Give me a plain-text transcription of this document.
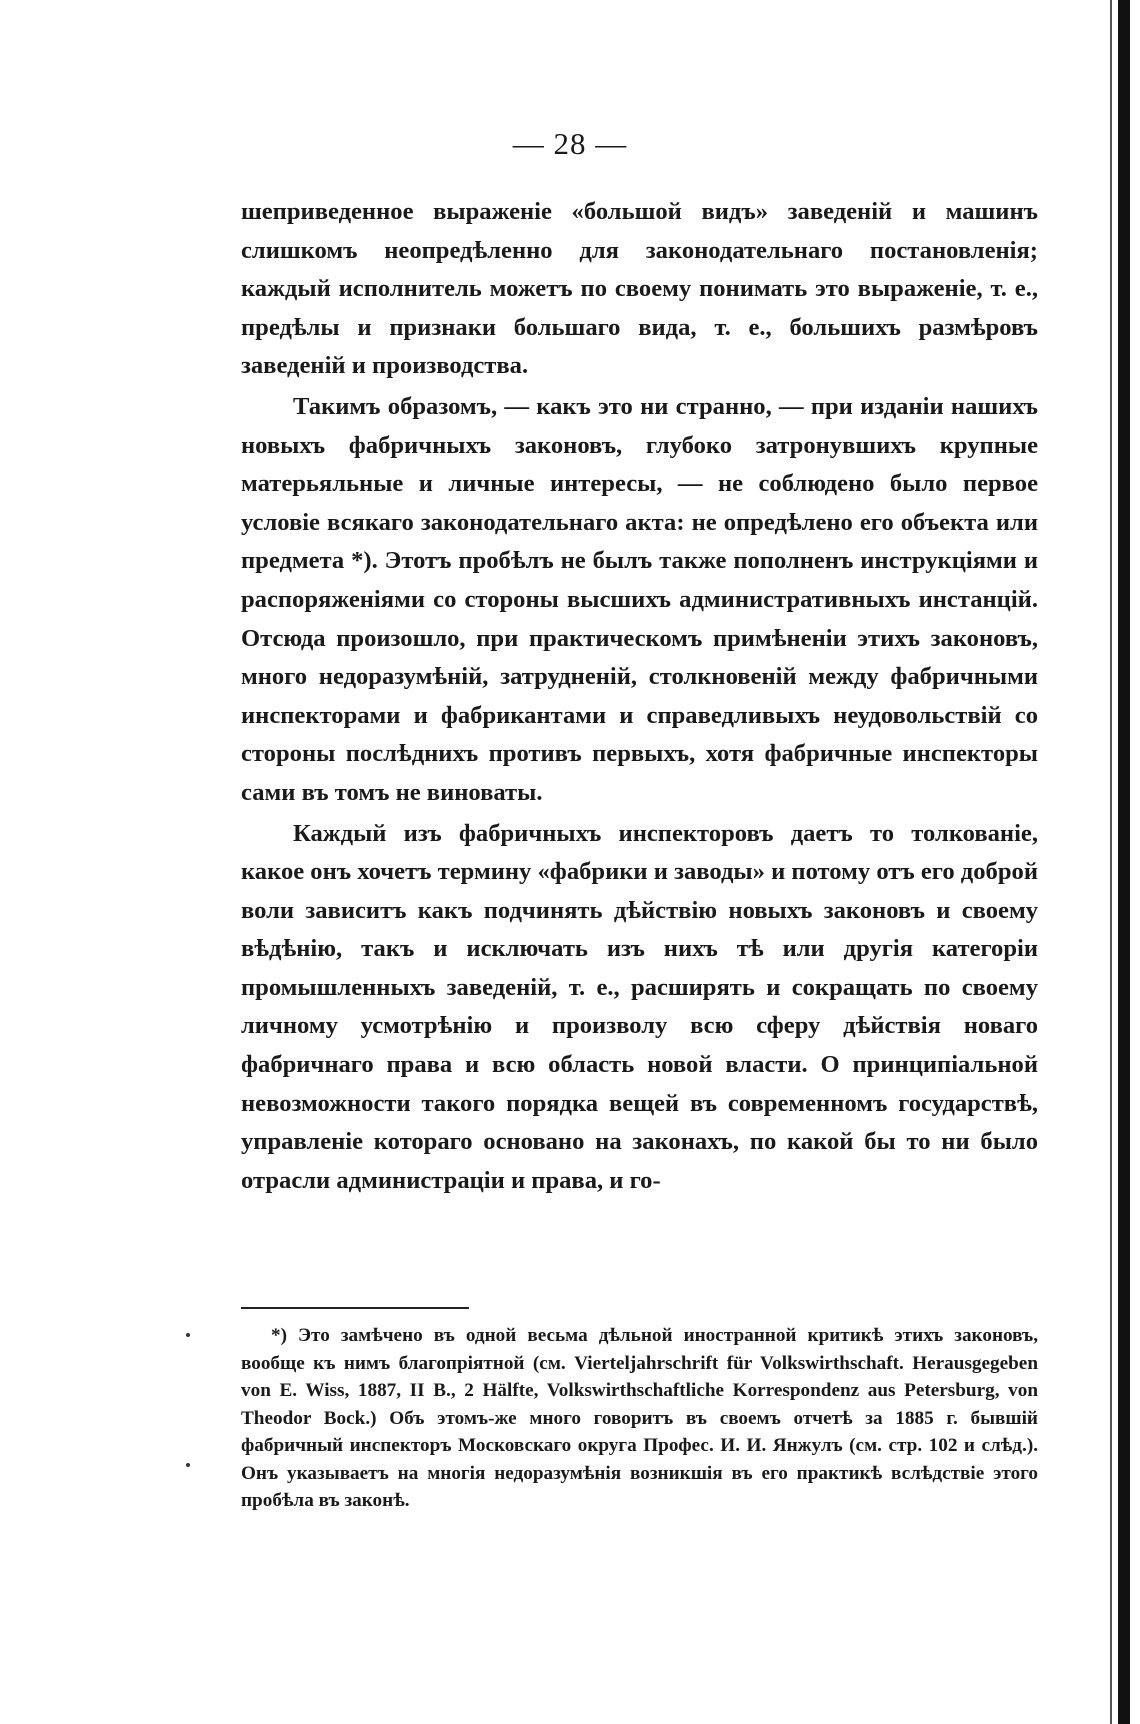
— 28 —

шеприведенное выраженіе «большой видъ» заведеній и машинъ слишкомъ неопредѣленно для законодательнаго постановленія; каждый исполнитель можетъ по своему понимать это выраженіе, т. е., предѣлы и признаки большаго вида, т. е., большихъ размѣровъ заведеній и производства.

Такимъ образомъ, — какъ это ни странно, — при изданіи нашихъ новыхъ фабричныхъ законовъ, глубоко затронувшихъ крупные матерьяльные и личные интересы, — не соблюдено было первое условіе всякаго законодательнаго акта: не опредѣлено его объекта или предмета *). Этотъ пробѣлъ не былъ также пополненъ инструкціями и распоряженіями со стороны высшихъ административныхъ инстанцій. Отсюда произошло, при практическомъ примѣненіи этихъ законовъ, много недоразумѣній, затрудненій, столкновеній между фабричными инспекторами и фабрикантами и справедливыхъ неудовольствій со стороны послѣднихъ противъ первыхъ, хотя фабричные инспекторы сами въ томъ не виноваты.

Каждый изъ фабричныхъ инспекторовъ даетъ то толкованіе, какое онъ хочетъ термину «фабрики и заводы» и потому отъ его доброй воли зависитъ какъ подчинять дѣйствію новыхъ законовъ и своему вѣдѣнію, такъ и исключать изъ нихъ тѣ или другія категоріи промышленныхъ заведеній, т. е., расширять и сокращать по своему личному усмотрѣнію и произволу всю сферу дѣйствія новаго фабричнаго права и всю область новой власти. О принципіальной невозможности такого порядка вещей въ современномъ государствѣ, управленіе котораго основано на законахъ, по какой бы то ни было отрасли администраціи и права, и го-

*) Это замѣчено въ одной весьма дѣльной иностранной критикѣ этихъ законовъ, вообще къ нимъ благопріятной (см. Vierteljahrschrift für Volkswirthschaft. Herausgegeben von E. Wiss, 1887, II B., 2 Hälfte, Volkswirthschaftliche Korrespondenz aus Petersburg, von Theodor Bock.) Объ этомъ-же много говоритъ въ своемъ отчетѣ за 1885 г. бывшій фабричный инспекторъ Московскаго округа Профес. И. И. Янжулъ (см. стр. 102 и слѣд.). Онъ указываетъ на многія недоразумѣнія возникшія въ его практикѣ вслѣдствіе этого пробѣла въ законѣ.
